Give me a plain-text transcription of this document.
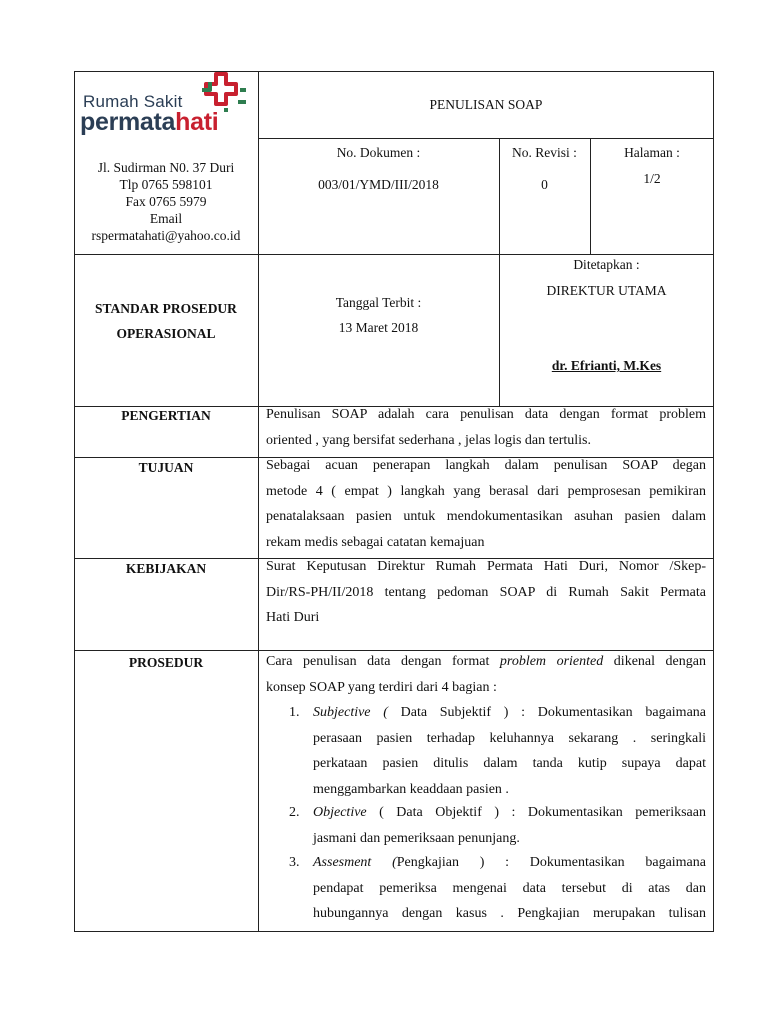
Rumah Sakit
permatahati
PENULISAN SOAP
Jl. Sudirman N0. 37 Duri
Tlp 0765 598101
Fax 0765 5979
Email
rspermatahati@yahoo.co.id
No. Dokumen :
003/01/YMD/III/2018
No. Revisi :
0
Halaman :
1/2
STANDAR PROSEDUR
OPERASIONAL
Tanggal Terbit :
13 Maret 2018
Ditetapkan :
DIREKTUR UTAMA
dr. Efrianti, M.Kes
PENGERTIAN	Penulisan SOAP adalah cara penulisan data dengan format problem
oriented , yang bersifat sederhana , jelas logis dan tertulis.
TUJUAN	Sebagai acuan penerapan langkah dalam penulisan SOAP degan
metode 4 ( empat ) langkah yang berasal dari pemprosesan pemikiran
penatalaksaan pasien untuk mendokumentasikan asuhan pasien dalam
rekam medis sebagai catatan kemajuan
KEBIJAKAN	Surat Keputusan Direktur Rumah Permata Hati Duri, Nomor /Skep-
Dir/RS-PH/II/2018 tentang pedoman SOAP di Rumah Sakit Permata
Hati Duri
PROSEDUR	Cara penulisan data dengan format problem oriented dikenal dengan
konsep SOAP yang terdiri dari 4 bagian :
1. Subjective ( Data Subjektif ) : Dokumentasikan bagaimana
perasaan pasien terhadap keluhannya sekarang . seringkali
perkataan pasien ditulis dalam tanda kutip supaya dapat
menggambarkan keaddaan pasien .
2. Objective ( Data Objektif ) : Dokumentasikan pemeriksaan
jasmani dan pemeriksaan penunjang.
3. Assesment (Pengkajian ) : Dokumentasikan bagaimana
pendapat pemeriksa mengenai data tersebut di atas dan
hubungannya dengan kasus . Pengkajian merupakan tulisan
